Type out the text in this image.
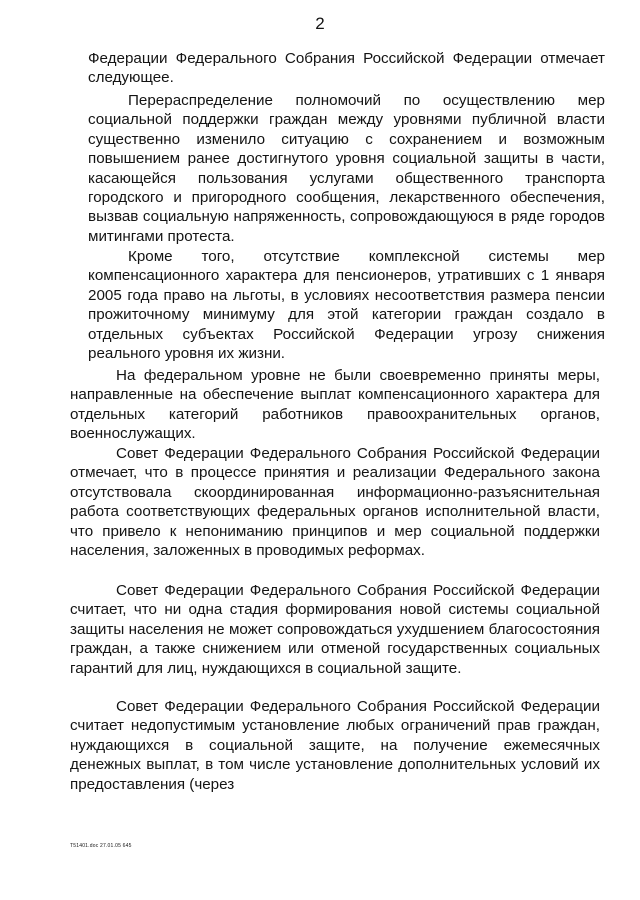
2

Федерации Федерального Собрания Российской Федерации отмечает следующее.

Перераспределение полномочий по осуществлению мер социальной поддержки граждан между уровнями публичной власти существенно изменило ситуацию с сохранением и возможным повышением ранее достигнутого уровня социальной защиты в части, касающейся пользования услугами общественного транспорта городского и пригородного сообщения, лекарственного обеспечения, вызвав социальную напряженность, сопровождающуюся в ряде городов митингами протеста.

Кроме того, отсутствие комплексной системы мер компенсационного характера для пенсионеров, утративших с 1 января 2005 года право на льготы, в условиях несоответствия размера пенсии прожиточному минимуму для этой категории граждан создало в отдельных субъектах Российской Федерации угрозу снижения реального уровня их жизни.

На федеральном уровне не были своевременно приняты меры, направленные на обеспечение выплат компенсационного характера для отдельных категорий работников правоохранительных органов, военнослужащих.

Совет Федерации Федерального Собрания Российской Федерации отмечает, что в процессе принятия и реализации Федерального закона отсутствовала скоординированная информационно-разъяснительная работа соответствующих федеральных органов исполнительной власти, что привело к непониманию принципов и мер социальной поддержки населения, заложенных в проводимых реформах.

Совет Федерации Федерального Собрания Российской Федерации считает, что ни одна стадия формирования новой системы социальной защиты населения не может сопровождаться ухудшением благосостояния граждан, а также снижением или отменой государственных социальных гарантий для лиц, нуждающихся в социальной защите.

Совет Федерации Федерального Собрания Российской Федерации считает недопустимым установление любых ограничений прав граждан, нуждающихся в социальной защите, на получение ежемесячных денежных выплат, в том числе установление дополнительных условий их предоставления (через

T51401.doc 27.01.05 645
